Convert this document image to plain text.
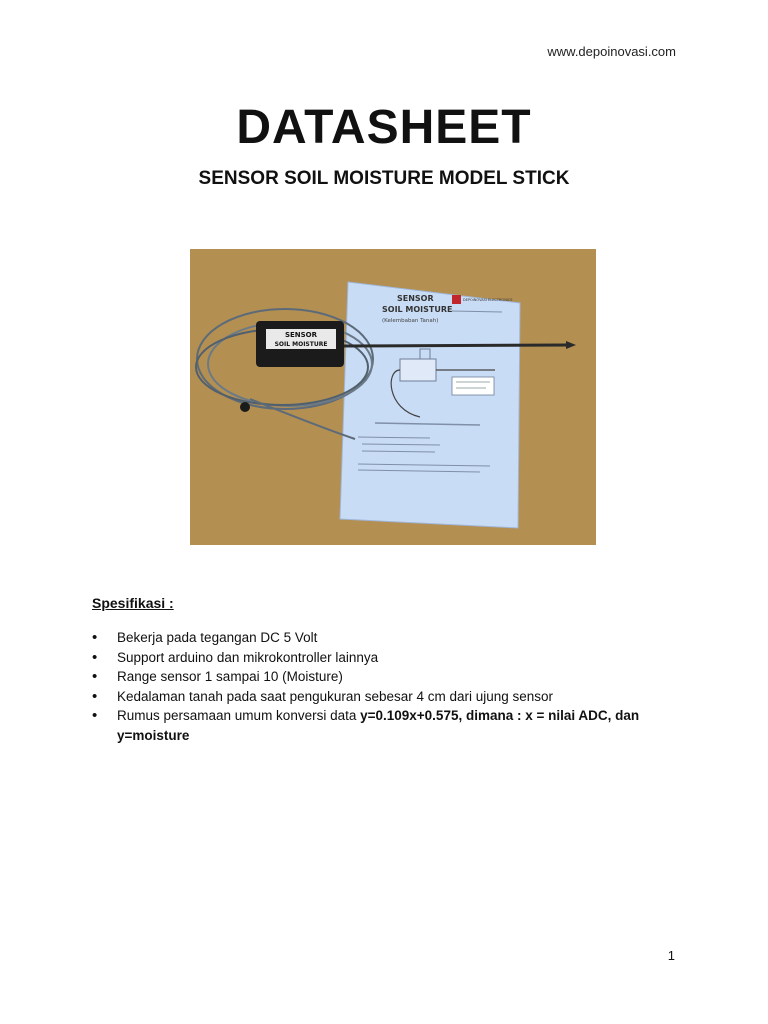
www.depoinovasi.com
DATASHEET
SENSOR SOIL MOISTURE MODEL STICK
SENSOR
SOIL MOISTURE
(Kelembaban Tanah)
DEPOINOVASI ELECTRONICS
SENSOR
SOIL MOISTURE
Spesifikasi :
• Bekerja pada tegangan DC 5 Volt
• Support arduino dan mikrokontroller lainnya
• Range sensor 1 sampai 10 (Moisture)
• Kedalaman tanah pada saat pengukuran sebesar 4 cm dari ujung sensor
• Rumus persamaan umum konversi data y=0.109x+0.575, dimana : x = nilai ADC, dan y=moisture
1
